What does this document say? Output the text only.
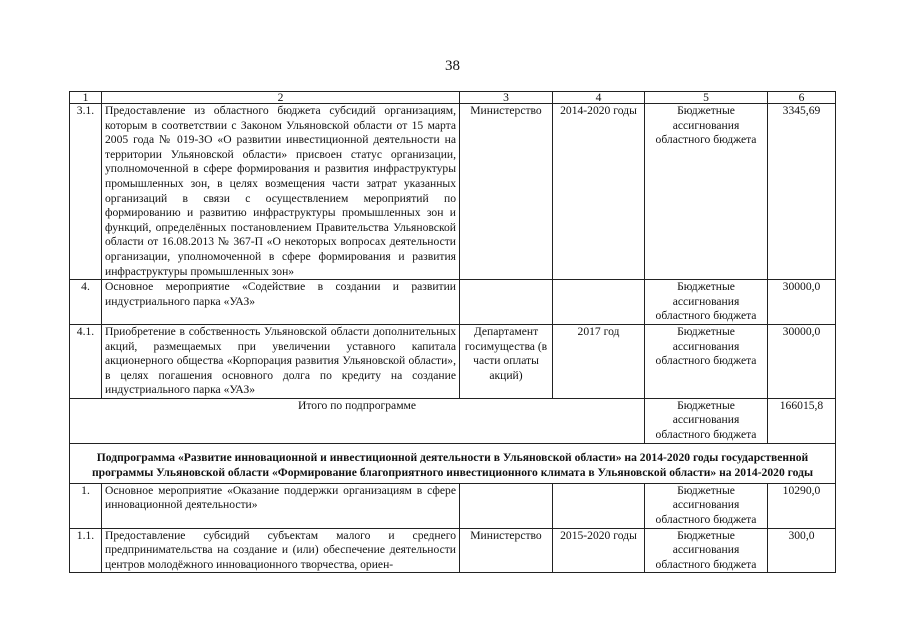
38
1	2	3	4	5	6
3.1.	Предоставление из областного бюджета субсидий организациям, которым в соответствии с Законом Ульяновской области от 15 марта 2005 года № 019-ЗО «О развитии инвестиционной деятельности на территории Ульяновской области» присвоен статус организации, уполномоченной в сфере формирования и развития инфраструктуры промышленных зон, в целях возмещения части затрат указанных организаций в связи с осуществлением мероприятий по формированию и развитию инфраструктуры промышленных зон и функций, определённых постановлением Правительства Ульяновской области от 16.08.2013 № 367-П «О некоторых вопросах деятельности организации, уполномоченной в сфере формирования и развития инфраструктуры промышленных зон»	Министерство	2014-2020 годы	Бюджетные ассигнования областного бюджета	3345,69
4.	Основное мероприятие «Содействие в создании и развитии индустриального парка «УАЗ»			Бюджетные ассигнования областного бюджета	30000,0
4.1.	Приобретение в собственность Ульяновской области дополнительных акций, размещаемых при увеличении уставного капитала акционерного общества «Корпорация развития Ульяновской области», в целях погашения основного долга по кредиту на создание индустриального парка «УАЗ»	Департамент госимущества (в части оплаты акций)	2017 год	Бюджетные ассигнования областного бюджета	30000,0
Итого по подпрограмме				Бюджетные ассигнования областного бюджета	166015,8
Подпрограмма «Развитие инновационной и инвестиционной деятельности в Ульяновской области» на 2014-2020 годы государственной программы Ульяновской области «Формирование благоприятного инвестиционного климата в Ульяновской области» на 2014-2020 годы					
1.	Основное мероприятие «Оказание поддержки организациям в сфере инновационной деятельности»			Бюджетные ассигнования областного бюджета	10290,0
1.1.	Предоставление субсидий субъектам малого и среднего предпринимательства на создание и (или) обеспечение деятельности центров молодёжного инновационного творчества, ориен-	Министерство	2015-2020 годы	Бюджетные ассигнования областного бюджета	300,0
